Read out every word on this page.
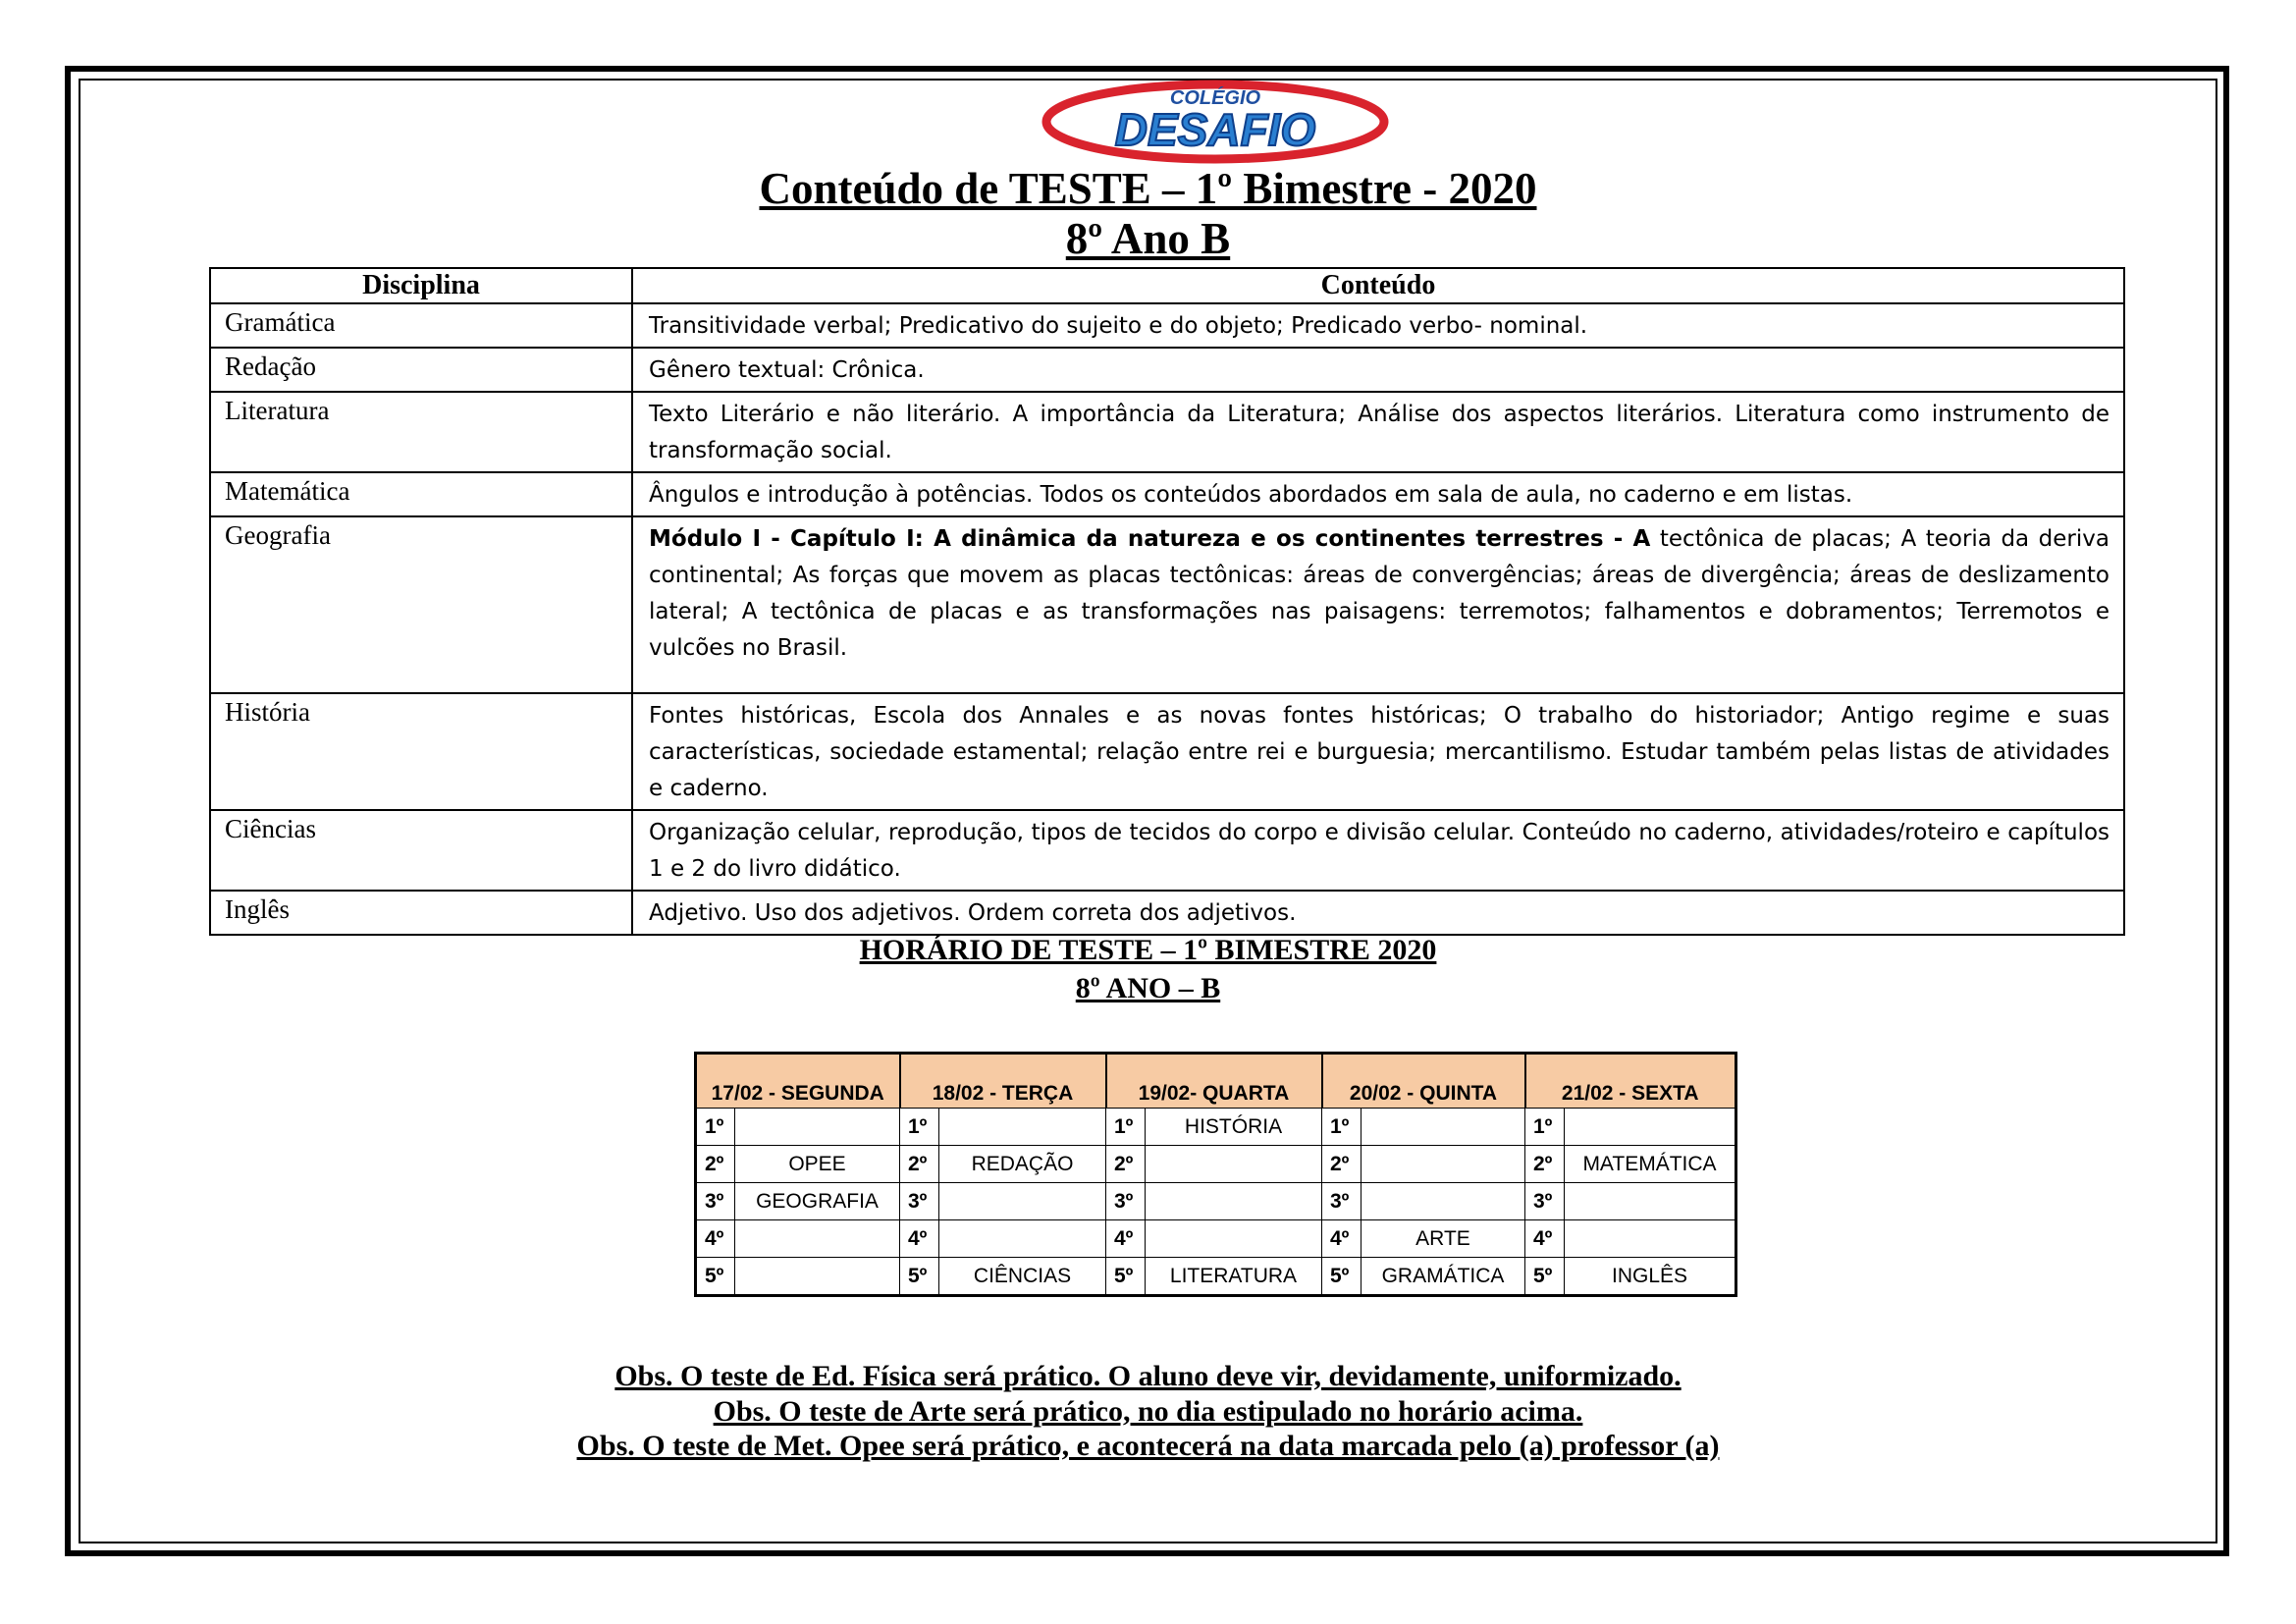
COLÉGIO
DESAFIO
Conteúdo de TESTE – 1º Bimestre - 2020
8º Ano B
Disciplina	Conteúdo
Gramática	Transitividade verbal; Predicativo do sujeito e do objeto; Predicado verbo- nominal.
Redação	Gênero textual: Crônica.
Literatura	Texto Literário e não literário. A importância da Literatura; Análise dos aspectos literários. Literatura como instrumento de transformação social.
Matemática	Ângulos e introdução à potências. Todos os conteúdos abordados em sala de aula, no caderno e em listas.
Geografia	Módulo I - Capítulo I: A dinâmica da natureza e os continentes terrestres - A tectônica de placas; A teoria da deriva continental; As forças que movem as placas tectônicas: áreas de convergências; áreas de divergência; áreas de deslizamento lateral; A tectônica de placas e as transformações nas paisagens: terremotos; falhamentos e dobramentos; Terremotos e vulcões no Brasil.
História	Fontes históricas, Escola dos Annales e as novas fontes históricas; O trabalho do historiador; Antigo regime e suas características, sociedade estamental; relação entre rei e burguesia; mercantilismo. Estudar também pelas listas de atividades e caderno.
Ciências	Organização celular, reprodução, tipos de tecidos do corpo e divisão celular. Conteúdo no caderno, atividades/roteiro e capítulos 1 e 2 do livro didático.
Inglês	Adjetivo. Uso dos adjetivos. Ordem correta dos adjetivos.
HORÁRIO DE TESTE – 1º BIMESTRE 2020
8º ANO – B
17/02 - SEGUNDA		18/02 - TERÇA		19/02- QUARTA		20/02 - QUINTA		21/02 - SEXTA	
1º		1º		1º	HISTÓRIA	1º		1º	
2º	OPEE	2º	REDAÇÃO	2º		2º		2º	MATEMÁTICA
3º	GEOGRAFIA	3º		3º		3º		3º	
4º		4º		4º		4º	ARTE	4º	
5º		5º	CIÊNCIAS	5º	LITERATURA	5º	GRAMÁTICA	5º	INGLÊS
Obs. O teste de Ed. Física será prático. O aluno deve vir, devidamente, uniformizado.
Obs. O teste de Arte será prático, no dia estipulado no horário acima.
Obs. O teste de Met. Opee será prático, e acontecerá na data marcada pelo (a) professor (a)
